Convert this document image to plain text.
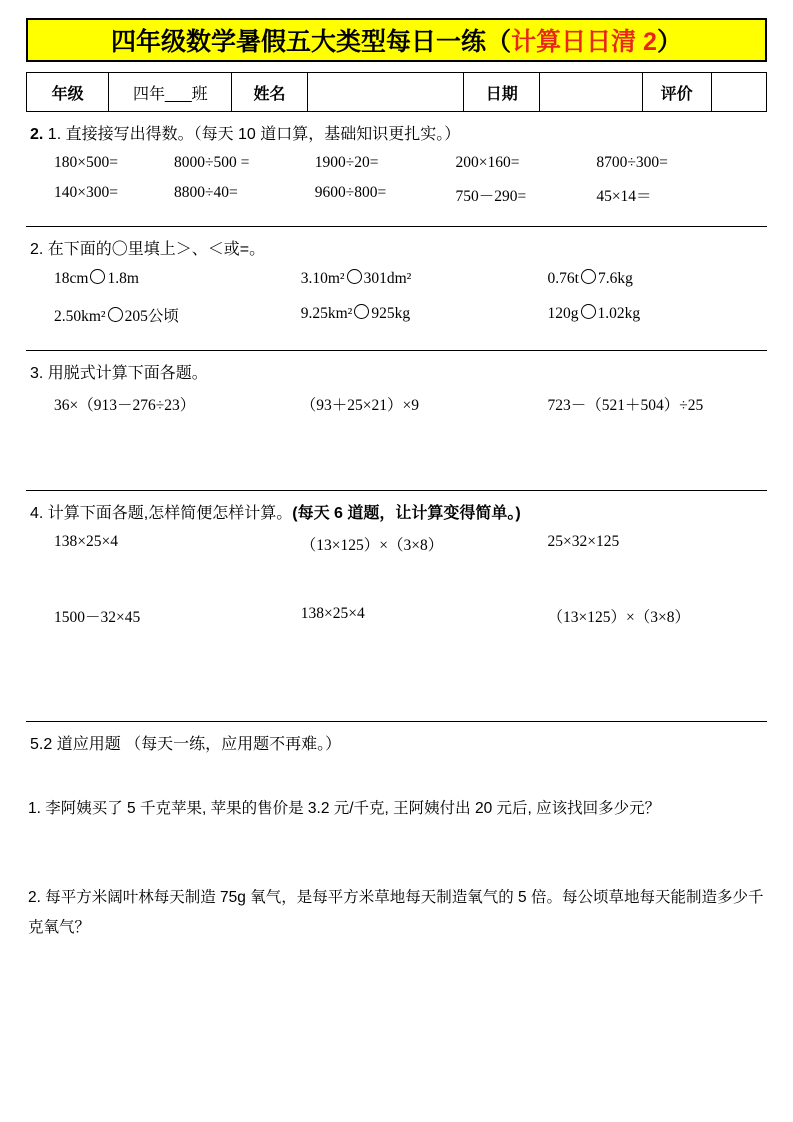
四年级数学暑假五大类型每日一练（计算日日清 2）
年级	四年___班	姓名		日期		评价	
2. 1. 直接接写出得数。（每天 10 道口算，基础知识更扎实。）
180×500=	8000÷500 =	1900÷20=	200×160=	8700÷300=
140×300=	8800÷40=	9600÷800=	750－290=	45×14＝
2. 在下面的〇里填上＞、＜或=。
18cm 1.8m	3.10m² 301dm²	0.76t 7.6kg
2.50km² 205公顷	9.25km² 925kg	120g 1.02kg
3. 用脱式计算下面各题。
36×（913－276÷23）	（93＋25×21）×9	723－（521＋504）÷25
4. 计算下面各题,怎样简便怎样计算。(每天 6 道题，让计算变得简单。)
138×25×4	（13×125）×（3×8）	25×32×125
1500－32×45	138×25×4	（13×125）×（3×8）
5.2 道应用题 （每天一练，应用题不再难。）
1. 李阿姨买了 5 千克苹果, 苹果的售价是 3.2 元/千克, 王阿姨付出 20 元后, 应该找回多少元？
2. 每平方米阔叶林每天制造 75g 氧气，是每平方米草地每天制造氧气的 5 倍。每公顷草地每天能制造多少千克氧气？
